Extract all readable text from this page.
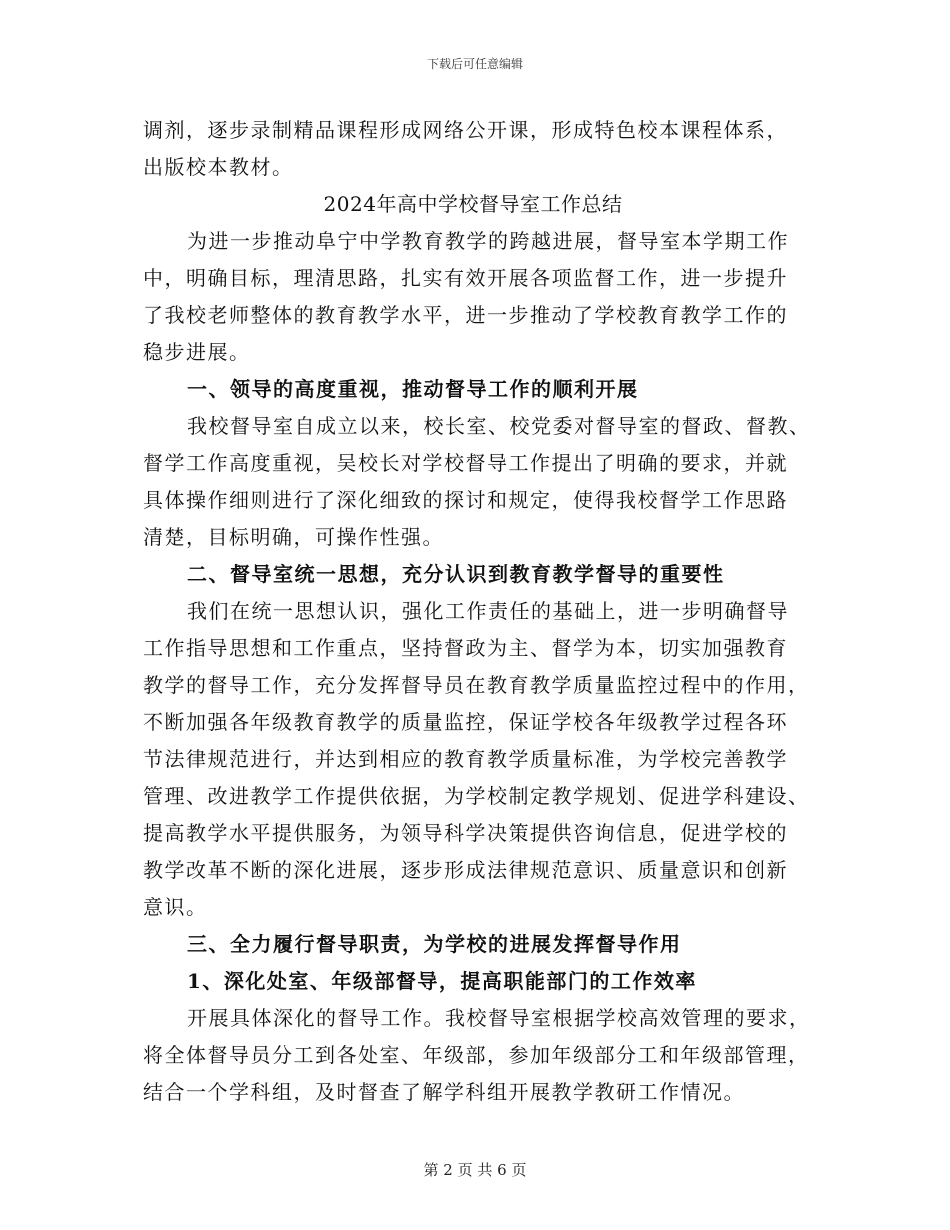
下载后可任意编辑
调剂，逐步录制精品课程形成网络公开课，形成特色校本课程体系，
出版校本教材。
2024年高中学校督导室工作总结
为进一步推动阜宁中学教育教学的跨越进展，督导室本学期工作
中，明确目标，理清思路，扎实有效开展各项监督工作，进一步提升
了我校老师整体的教育教学水平，进一步推动了学校教育教学工作的
稳步进展。
一、领导的高度重视，推动督导工作的顺利开展
我校督导室自成立以来，校长室、校党委对督导室的督政、督教、
督学工作高度重视，吴校长对学校督导工作提出了明确的要求，并就
具体操作细则进行了深化细致的探讨和规定，使得我校督学工作思路
清楚，目标明确，可操作性强。
二、督导室统一思想，充分认识到教育教学督导的重要性
我们在统一思想认识，强化工作责任的基础上，进一步明确督导
工作指导思想和工作重点，坚持督政为主、督学为本，切实加强教育
教学的督导工作，充分发挥督导员在教育教学质量监控过程中的作用，
不断加强各年级教育教学的质量监控，保证学校各年级教学过程各环
节法律规范进行，并达到相应的教育教学质量标准，为学校完善教学
管理、改进教学工作提供依据，为学校制定教学规划、促进学科建设、
提高教学水平提供服务，为领导科学决策提供咨询信息，促进学校的
教学改革不断的深化进展，逐步形成法律规范意识、质量意识和创新
意识。
三、全力履行督导职责，为学校的进展发挥督导作用
1、深化处室、年级部督导，提高职能部门的工作效率
开展具体深化的督导工作。我校督导室根据学校高效管理的要求，
将全体督导员分工到各处室、年级部，参加年级部分工和年级部管理，
结合一个学科组，及时督查了解学科组开展教学教研工作情况。
第 2 页 共 6 页
